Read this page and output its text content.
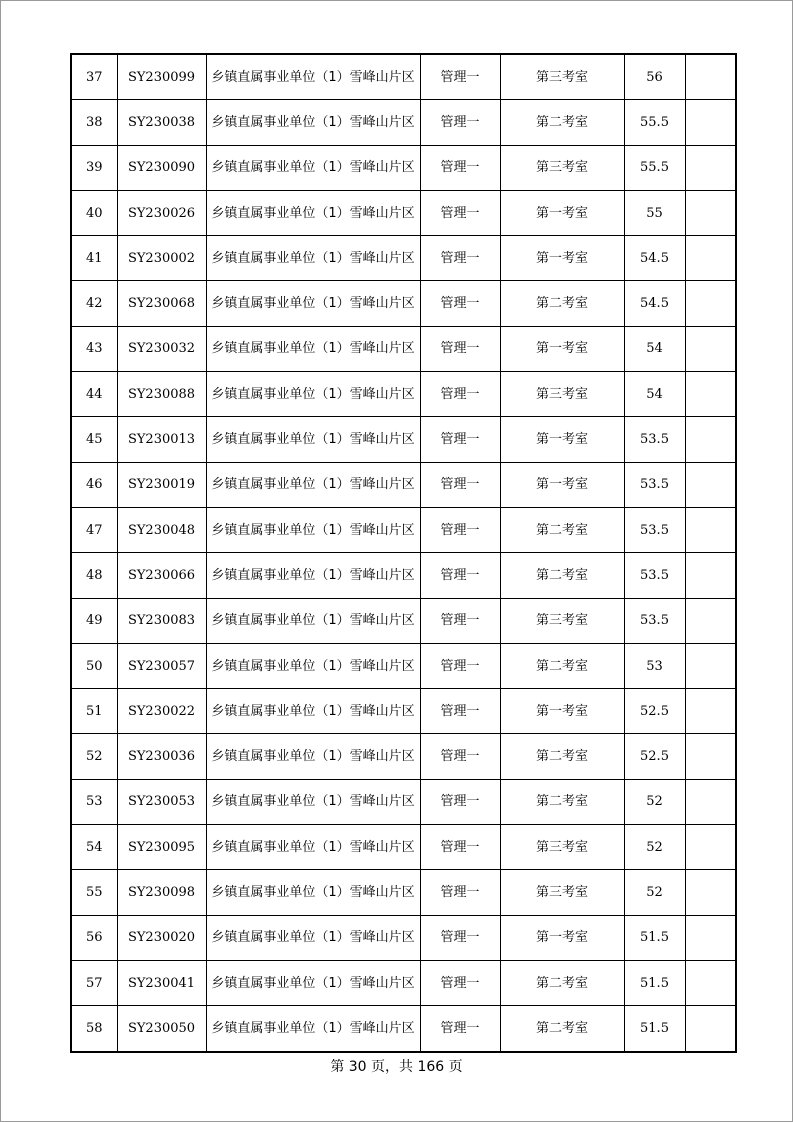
37	SY230099	乡镇直属事业单位（1）雪峰山片区	管理一	第三考室	56	
38	SY230038	乡镇直属事业单位（1）雪峰山片区	管理一	第二考室	55.5	
39	SY230090	乡镇直属事业单位（1）雪峰山片区	管理一	第三考室	55.5	
40	SY230026	乡镇直属事业单位（1）雪峰山片区	管理一	第一考室	55	
41	SY230002	乡镇直属事业单位（1）雪峰山片区	管理一	第一考室	54.5	
42	SY230068	乡镇直属事业单位（1）雪峰山片区	管理一	第二考室	54.5	
43	SY230032	乡镇直属事业单位（1）雪峰山片区	管理一	第一考室	54	
44	SY230088	乡镇直属事业单位（1）雪峰山片区	管理一	第三考室	54	
45	SY230013	乡镇直属事业单位（1）雪峰山片区	管理一	第一考室	53.5	
46	SY230019	乡镇直属事业单位（1）雪峰山片区	管理一	第一考室	53.5	
47	SY230048	乡镇直属事业单位（1）雪峰山片区	管理一	第二考室	53.5	
48	SY230066	乡镇直属事业单位（1）雪峰山片区	管理一	第二考室	53.5	
49	SY230083	乡镇直属事业单位（1）雪峰山片区	管理一	第三考室	53.5	
50	SY230057	乡镇直属事业单位（1）雪峰山片区	管理一	第二考室	53	
51	SY230022	乡镇直属事业单位（1）雪峰山片区	管理一	第一考室	52.5	
52	SY230036	乡镇直属事业单位（1）雪峰山片区	管理一	第二考室	52.5	
53	SY230053	乡镇直属事业单位（1）雪峰山片区	管理一	第二考室	52	
54	SY230095	乡镇直属事业单位（1）雪峰山片区	管理一	第三考室	52	
55	SY230098	乡镇直属事业单位（1）雪峰山片区	管理一	第三考室	52	
56	SY230020	乡镇直属事业单位（1）雪峰山片区	管理一	第一考室	51.5	
57	SY230041	乡镇直属事业单位（1）雪峰山片区	管理一	第二考室	51.5	
58	SY230050	乡镇直属事业单位（1）雪峰山片区	管理一	第二考室	51.5	
第 30 页，共 166 页
